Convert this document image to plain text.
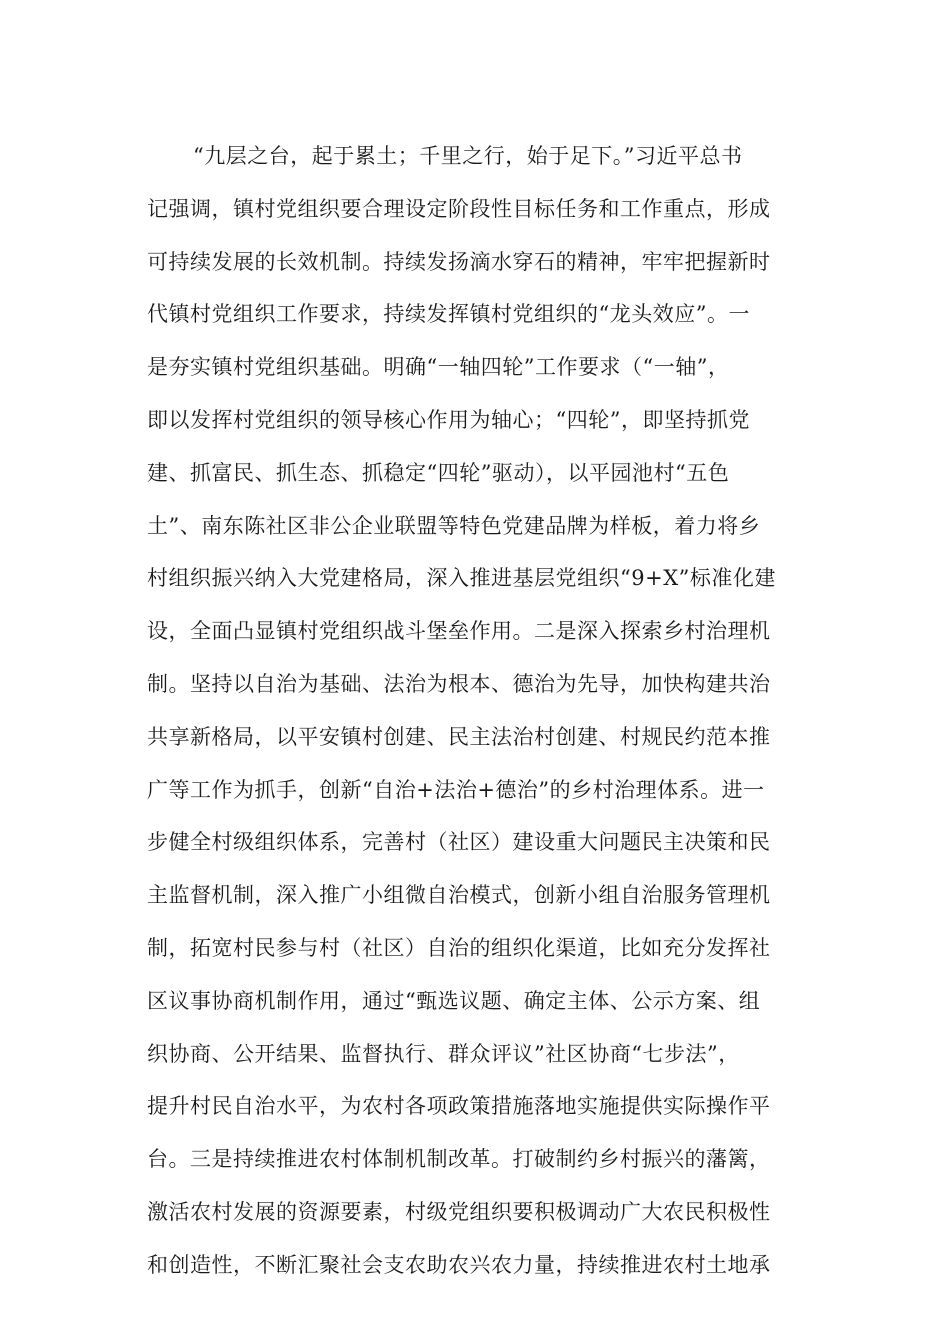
“九层之台，起于累土；千里之行，始于足下。”习近平总书
记强调，镇村党组织要合理设定阶段性目标任务和工作重点，形成
可持续发展的长效机制。持续发扬滴水穿石的精神，牢牢把握新时
代镇村党组织工作要求，持续发挥镇村党组织的“龙头效应”。一
是夯实镇村党组织基础。明确“一轴四轮”工作要求（“一轴”，
即以发挥村党组织的领导核心作用为轴心；“四轮”，即坚持抓党
建、抓富民、抓生态、抓稳定“四轮”驱动），以平园池村“五色
土”、南东陈社区非公企业联盟等特色党建品牌为样板，着力将乡
村组织振兴纳入大党建格局，深入推进基层党组织“9+X”标准化建
设，全面凸显镇村党组织战斗堡垒作用。二是深入探索乡村治理机
制。坚持以自治为基础、法治为根本、德治为先导，加快构建共治
共享新格局，以平安镇村创建、民主法治村创建、村规民约范本推
广等工作为抓手，创新“自治+法治+德治”的乡村治理体系。进一
步健全村级组织体系，完善村（社区）建设重大问题民主决策和民
主监督机制，深入推广小组微自治模式，创新小组自治服务管理机
制，拓宽村民参与村（社区）自治的组织化渠道，比如充分发挥社
区议事协商机制作用，通过“甄选议题、确定主体、公示方案、组
织协商、公开结果、监督执行、群众评议”社区协商“七步法”，
提升村民自治水平，为农村各项政策措施落地实施提供实际操作平
台。三是持续推进农村体制机制改革。打破制约乡村振兴的藩篱，
激活农村发展的资源要素，村级党组织要积极调动广大农民积极性
和创造性，不断汇聚社会支农助农兴农力量，持续推进农村土地承
